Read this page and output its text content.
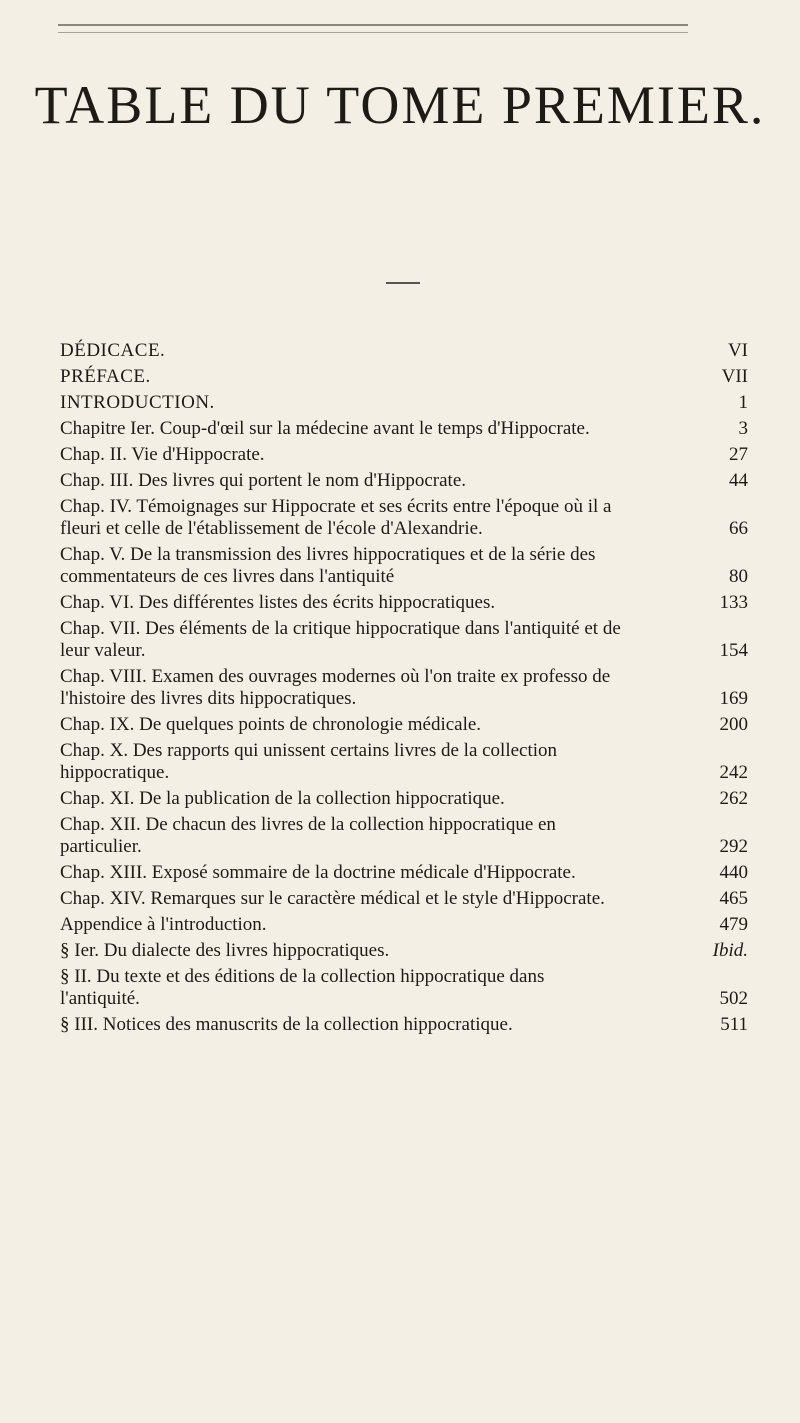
TABLE DU TOME PREMIER.
DÉDICACE.	VI
PRÉFACE.	VII
INTRODUCTION.	1
Chapitre Ier. Coup-d'œil sur la médecine avant le temps d'Hippocrate.	3
Chap. II. Vie d'Hippocrate.	27
Chap. III. Des livres qui portent le nom d'Hippocrate.	44
Chap. IV. Témoignages sur Hippocrate et ses écrits entre l'époque où il a fleuri et celle de l'établissement de l'école d'Alexandrie.	66
Chap. V. De la transmission des livres hippocratiques et de la série des commentateurs de ces livres dans l'antiquité	80
Chap. VI. Des différentes listes des écrits hippocratiques.	133
Chap. VII. Des éléments de la critique hippocratique dans l'antiquité et de leur valeur.	154
Chap. VIII. Examen des ouvrages modernes où l'on traite ex professo de l'histoire des livres dits hippocratiques.	169
Chap. IX. De quelques points de chronologie médicale.	200
Chap. X. Des rapports qui unissent certains livres de la collection hippocratique.	242
Chap. XI. De la publication de la collection hippocratique.	262
Chap. XII. De chacun des livres de la collection hippocratique en particulier.	292
Chap. XIII. Exposé sommaire de la doctrine médicale d'Hippocrate.	440
Chap. XIV. Remarques sur le caractère médical et le style d'Hippocrate.	465
Appendice à l'introduction.	479
§ Ier. Du dialecte des livres hippocratiques.	Ibid.
§ II. Du texte et des éditions de la collection hippocratique dans l'antiquité.	502
§ III. Notices des manuscrits de la collection hippocratique.	511
